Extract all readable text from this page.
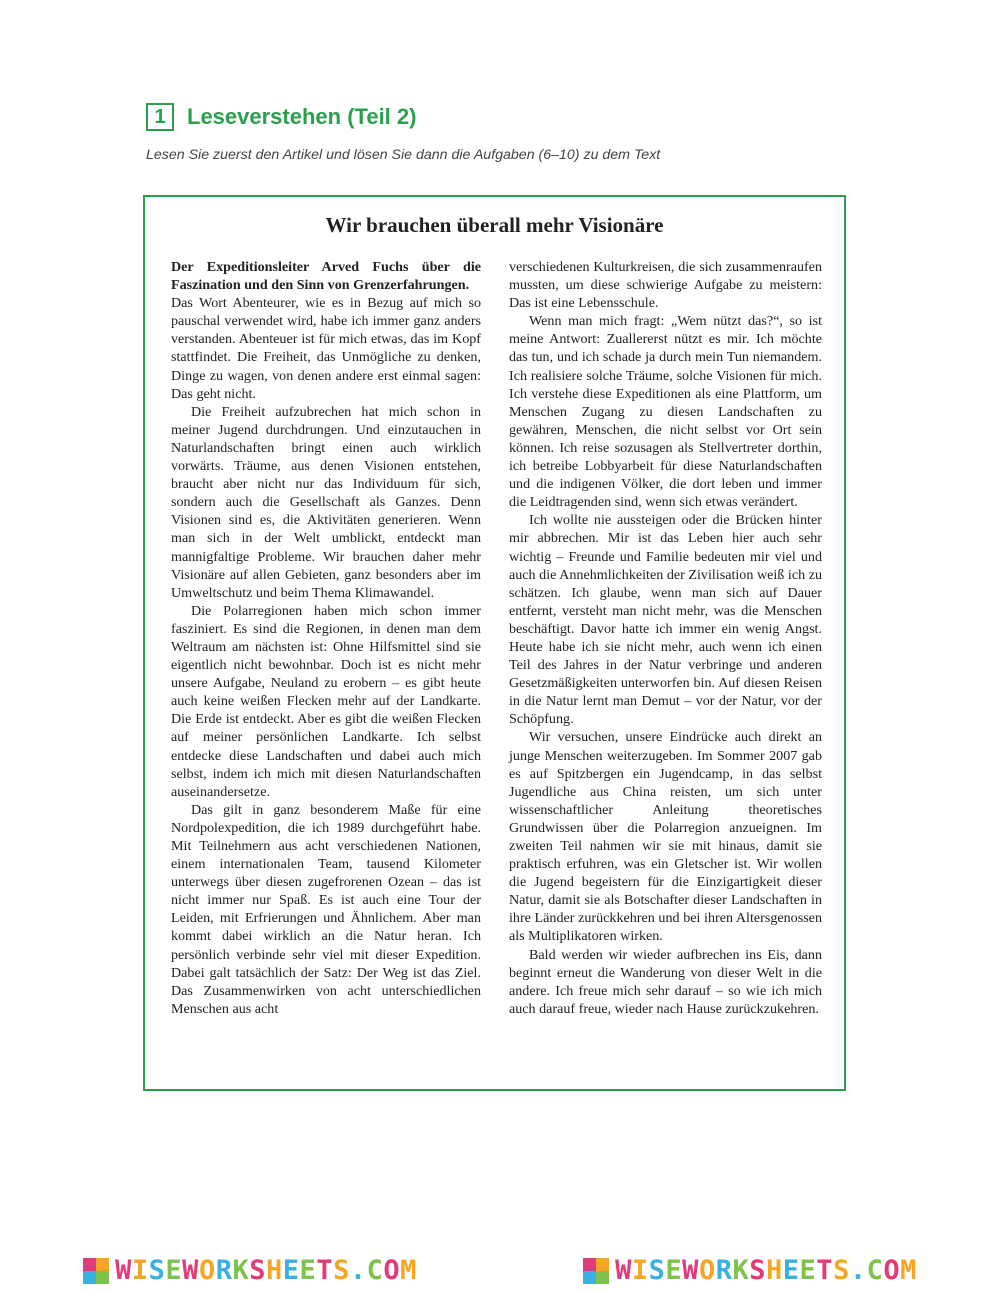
1 Leseverstehen (Teil 2)
Lesen Sie zuerst den Artikel und lösen Sie dann die Aufgaben (6–10) zu dem Text
Wir brauchen überall mehr Visionäre

Der Expeditionsleiter Arved Fuchs über die Faszination und den Sinn von Grenzerfahrungen.

Das Wort Abenteurer, wie es in Bezug auf mich so pauschal verwendet wird, habe ich immer ganz anders verstanden. Abenteuer ist für mich etwas, das im Kopf stattfindet. Die Freiheit, das Unmögliche zu denken, Dinge zu wagen, von denen andere erst einmal sagen: Das geht nicht.

Die Freiheit aufzubrechen hat mich schon in meiner Jugend durchdrungen. Und einzutauchen in Naturlandschaften bringt einen auch wirklich vorwärts. Träume, aus denen Visionen entstehen, braucht aber nicht nur das Individuum für sich, sondern auch die Gesellschaft als Ganzes. Denn Visionen sind es, die Aktivitäten generieren. Wenn man sich in der Welt umblickt, entdeckt man mannigfaltige Probleme. Wir brauchen daher mehr Visionäre auf allen Gebieten, ganz besonders aber im Umweltschutz und beim Thema Klimawandel.

Die Polarregionen haben mich schon immer fasziniert. Es sind die Regionen, in denen man dem Weltraum am nächsten ist: Ohne Hilfsmittel sind sie eigentlich nicht bewohnbar. Doch ist es nicht mehr unsere Aufgabe, Neuland zu erobern – es gibt heute auch keine weißen Flecken mehr auf der Landkarte. Die Erde ist entdeckt. Aber es gibt die weißen Flecken auf meiner persönlichen Landkarte. Ich selbst entdecke diese Landschaften und dabei auch mich selbst, indem ich mich mit diesen Naturlandschaften auseinandersetze.

Das gilt in ganz besonderem Maße für eine Nordpolexpedition, die ich 1989 durchgeführt habe. Mit Teilnehmern aus acht verschiedenen Nationen, einem internationalen Team, tausend Kilometer unterwegs über diesen zugefrorenen Ozean – das ist nicht immer nur Spaß. Es ist auch eine Tour der Leiden, mit Erfrierungen und Ähnlichem. Aber man kommt dabei wirklich an die Natur heran. Ich persönlich verbinde sehr viel mit dieser Expedition. Dabei galt tatsächlich der Satz: Der Weg ist das Ziel. Das Zusammenwirken von acht unterschiedlichen Menschen aus acht

verschiedenen Kulturkreisen, die sich zusammenraufen mussten, um diese schwierige Aufgabe zu meistern: Das ist eine Lebensschule.

Wenn man mich fragt: „Wem nützt das?“, so ist meine Antwort: Zuallererst nützt es mir. Ich möchte das tun, und ich schade ja durch mein Tun niemandem. Ich realisiere solche Träume, solche Visionen für mich. Ich verstehe diese Expeditionen als eine Plattform, um Menschen Zugang zu diesen Landschaften zu gewähren, Menschen, die nicht selbst vor Ort sein können. Ich reise sozusagen als Stellvertreter dorthin, ich betreibe Lobbyarbeit für diese Naturlandschaften und die indigenen Völker, die dort leben und immer die Leidtragenden sind, wenn sich etwas verändert.

Ich wollte nie aussteigen oder die Brücken hinter mir abbrechen. Mir ist das Leben hier auch sehr wichtig – Freunde und Familie bedeuten mir viel und auch die Annehmlichkeiten der Zivilisation weiß ich zu schätzen. Ich glaube, wenn man sich auf Dauer entfernt, versteht man nicht mehr, was die Menschen beschäftigt. Davor hatte ich immer ein wenig Angst. Heute habe ich sie nicht mehr, auch wenn ich einen Teil des Jahres in der Natur verbringe und anderen Gesetzmäßigkeiten unterworfen bin. Auf diesen Reisen in die Natur lernt man Demut – vor der Natur, vor der Schöpfung.

Wir versuchen, unsere Eindrücke auch direkt an junge Menschen weiterzugeben. Im Sommer 2007 gab es auf Spitzbergen ein Jugendcamp, in das selbst Jugendliche aus China reisten, um sich unter wissenschaftlicher Anleitung theoretisches Grundwissen über die Polarregion anzueignen. Im zweiten Teil nahmen wir sie mit hinaus, damit sie praktisch erfuhren, was ein Gletscher ist. Wir wollen die Jugend begeistern für die Einzigartigkeit dieser Natur, damit sie als Botschafter dieser Landschaften in ihre Länder zurückkehren und bei ihren Altersgenossen als Multiplikatoren wirken.

Bald werden wir wieder aufbrechen ins Eis, dann beginnt erneut die Wanderung von dieser Welt in die andere. Ich freue mich sehr darauf – so wie ich mich auch darauf freue, wieder nach Hause zurückzukehren.

WISEWORKSHEETS.COM	WISEWORKSHEETS.COM
